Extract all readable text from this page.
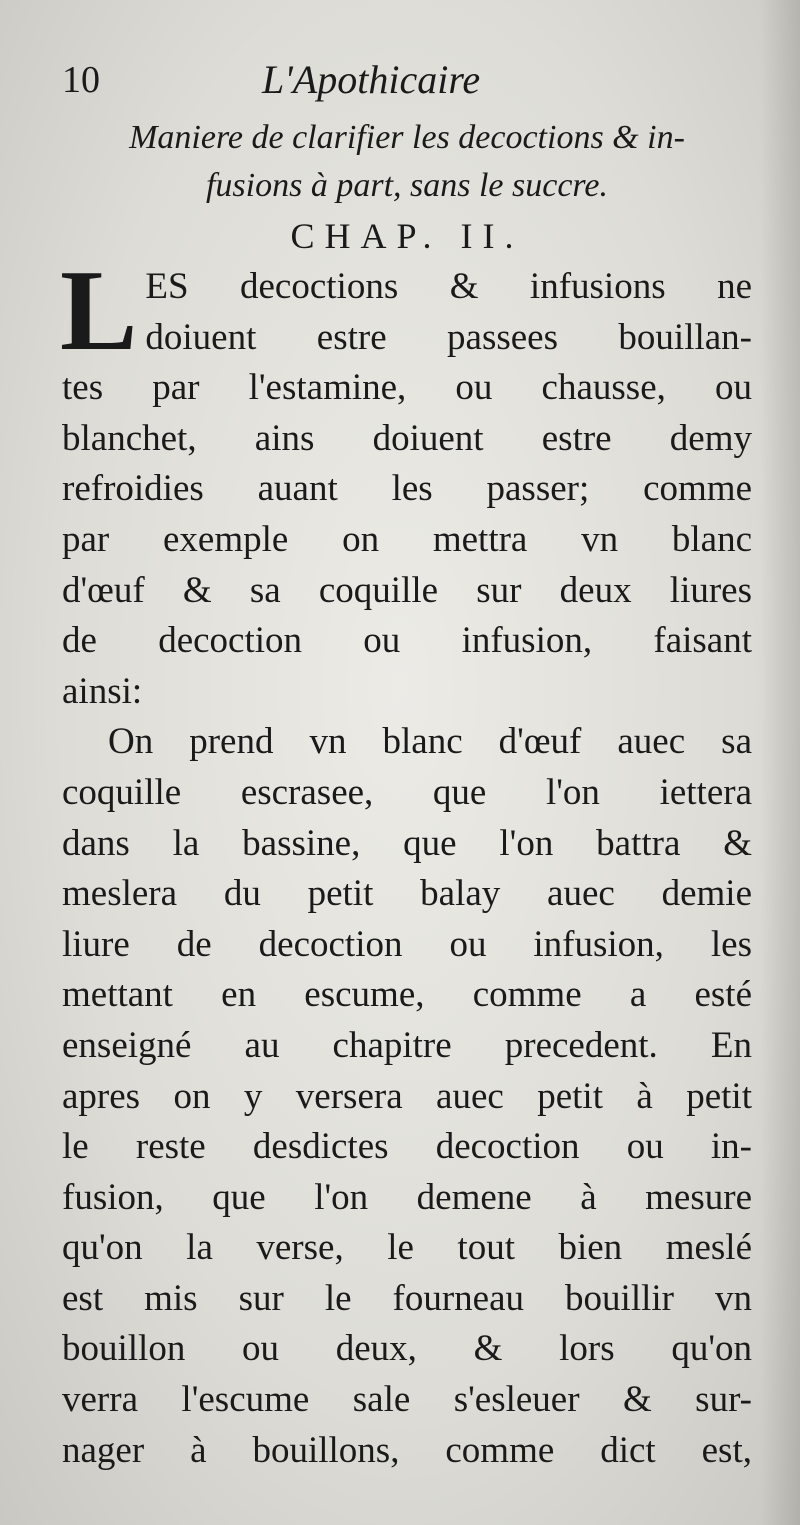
10	L'Apothicaire

Maniere de clarifier les decoctions & in-

fusions à part, sans le succre.

CHAP. II.

L ES decoctions & infusions ne
doiuent estre passees bouillan-
tes par l'estamine, ou chausse, ou
blanchet, ains doiuent estre demy
refroidies auant les passer; comme
par exemple on mettra vn blanc
d'œuf & sa coquille sur deux liures
de decoction ou infusion, faisant
ainsi:
On prend vn blanc d'œuf auec sa
coquille escrasee, que l'on iettera
dans la bassine, que l'on battra &
meslera du petit balay auec demie
liure de decoction ou infusion, les
mettant en escume, comme a esté
enseigné au chapitre precedent. En
apres on y versera auec petit à petit
le reste desdictes decoction ou in-
fusion, que l'on demene à mesure
qu'on la verse, le tout bien meslé
est mis sur le fourneau bouillir vn
bouillon ou deux, & lors qu'on
verra l'escume sale s'esleuer & sur-
nager à bouillons, comme dict est,
